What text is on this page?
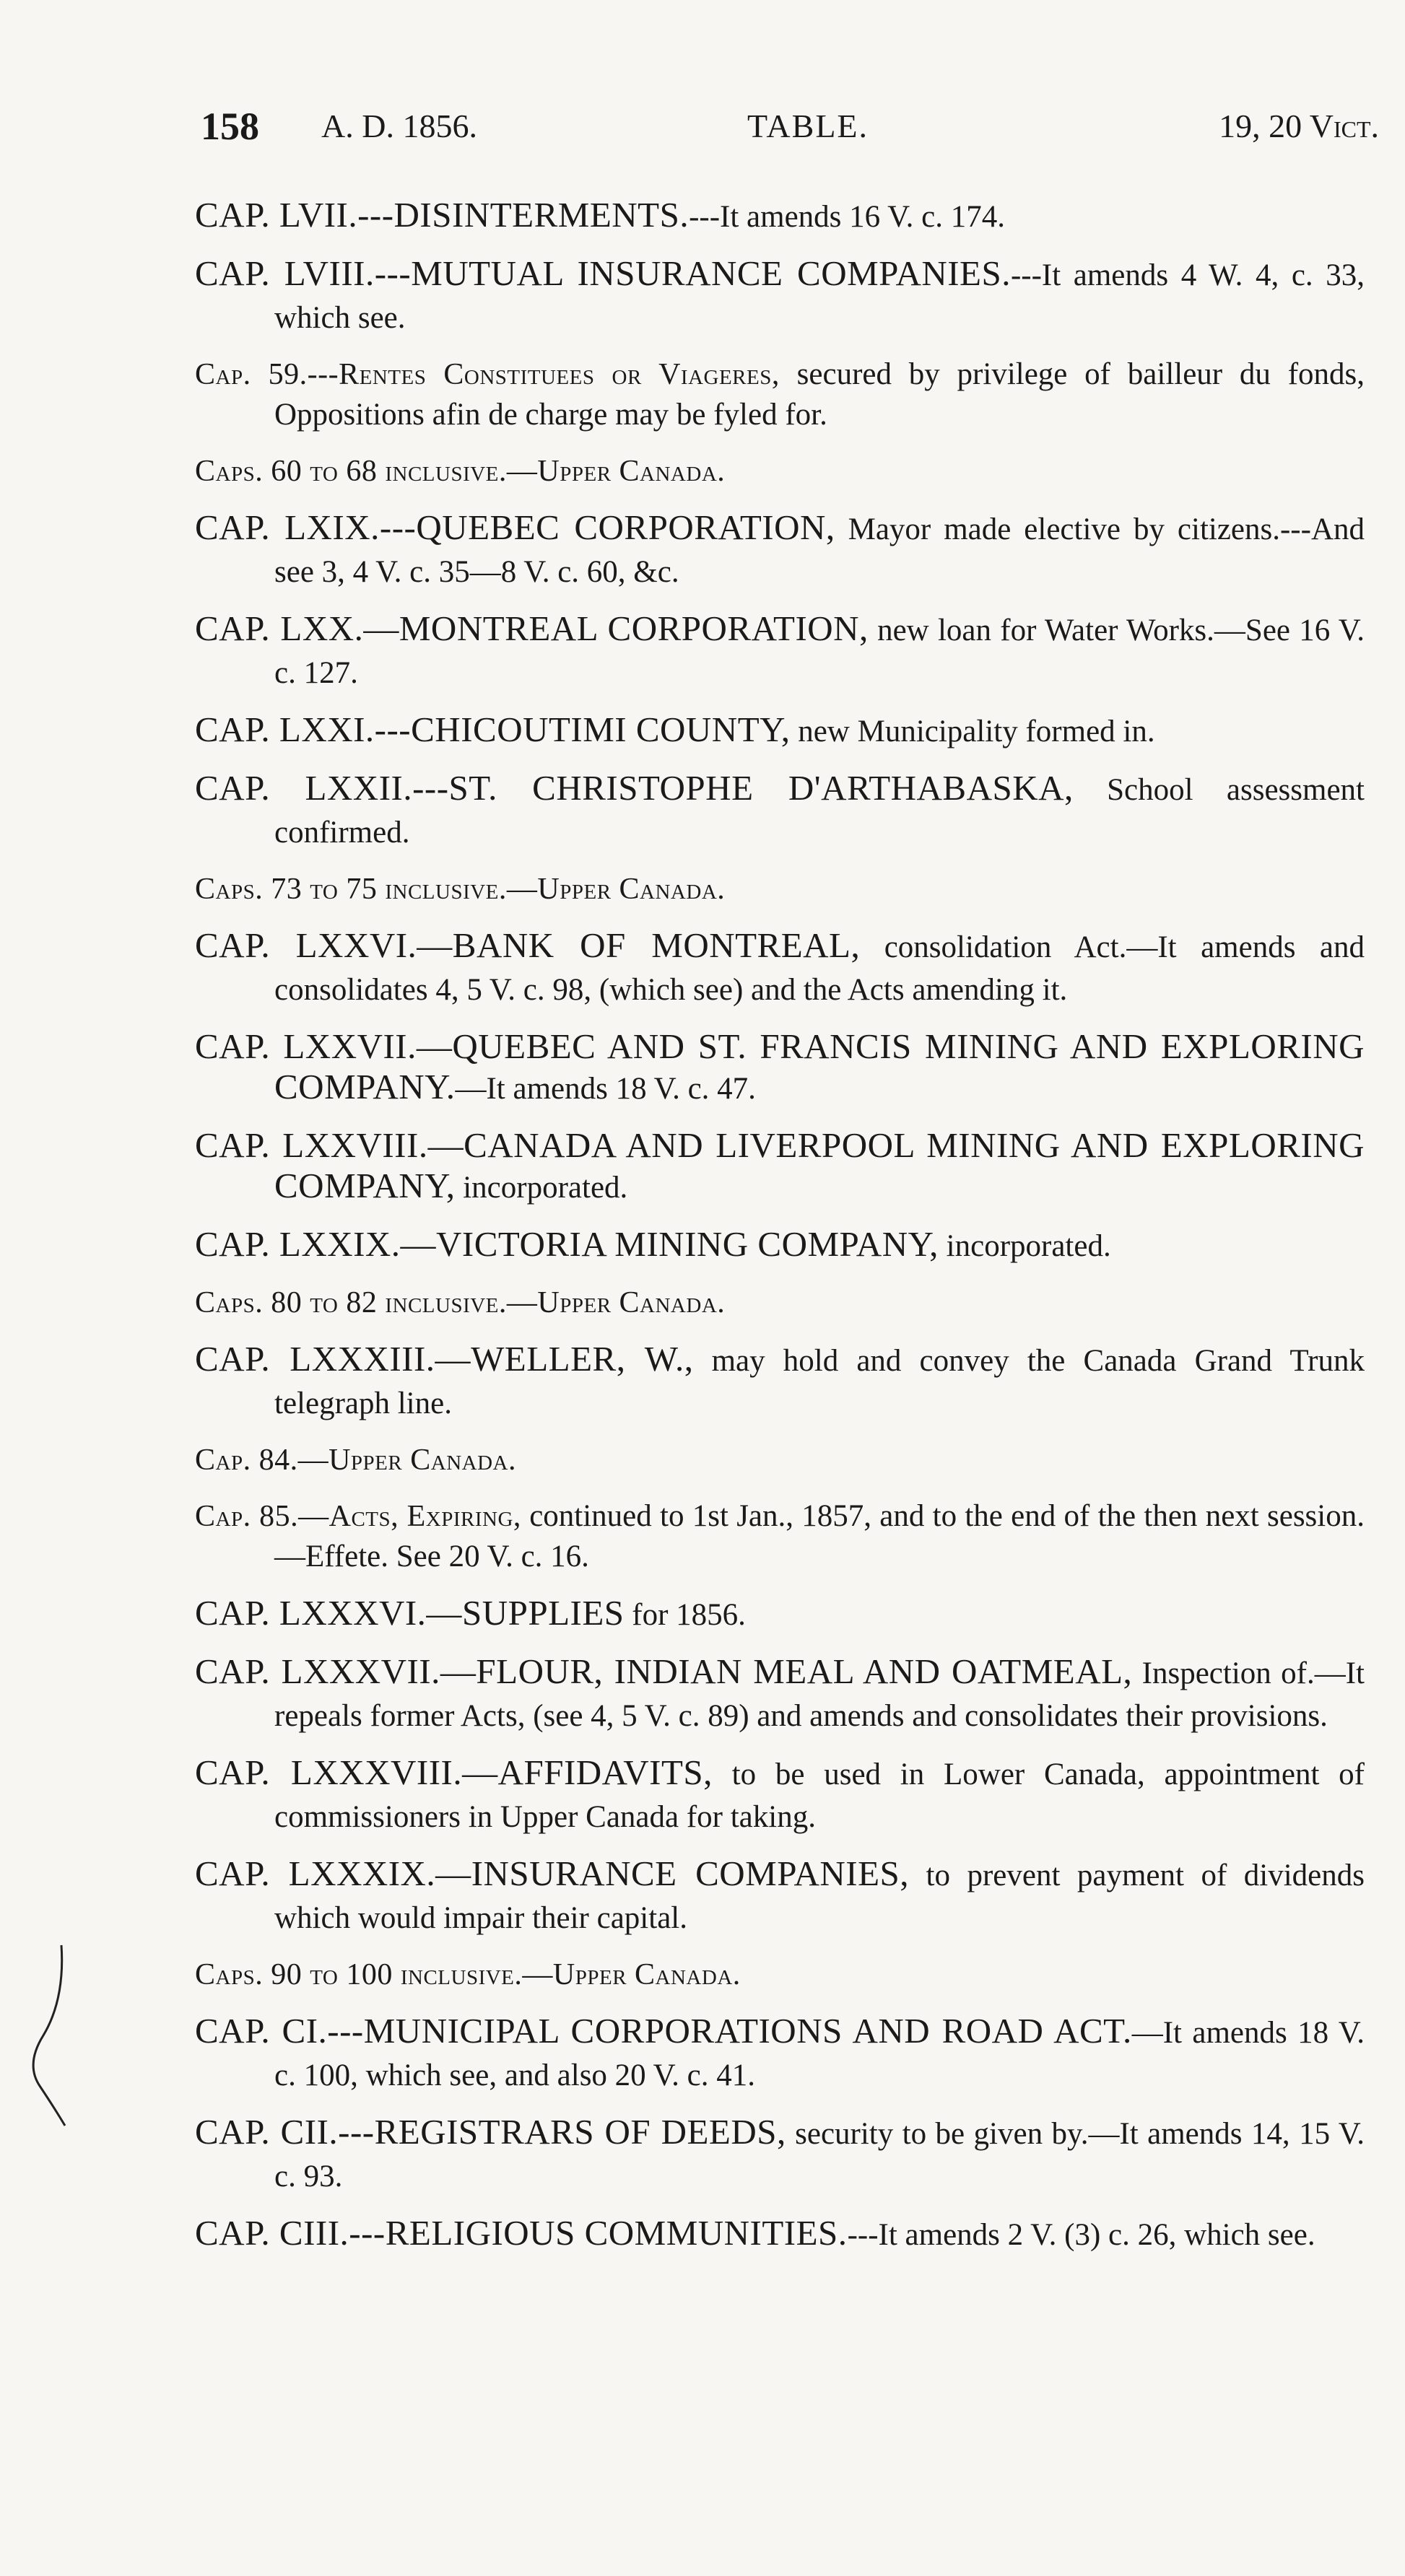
158 A. D. 1856.	TABLE.	19, 20 Vict.

CAP. LVII.---DISINTERMENTS.---It amends 16 V. c. 174.

CAP. LVIII.---MUTUAL INSURANCE COMPANIES.---It amends 4 W. 4, c. 33, which see.

Cap. 59.---Rentes Constituees or Viageres, secured by privilege of bailleur du fonds, Oppositions afin de charge may be fyled for.

Caps. 60 to 68 inclusive.—Upper Canada.

CAP. LXIX.---QUEBEC CORPORATION, Mayor made elective by citizens.---And see 3, 4 V. c. 35—8 V. c. 60, &c.

CAP. LXX.—MONTREAL CORPORATION, new loan for Water Works.—See 16 V. c. 127.

CAP. LXXI.---CHICOUTIMI COUNTY, new Municipality formed in.

CAP. LXXII.---ST. CHRISTOPHE D'ARTHABASKA, School assessment confirmed.

Caps. 73 to 75 inclusive.—Upper Canada.

CAP. LXXVI.—BANK OF MONTREAL, consolidation Act.—It amends and consolidates 4, 5 V. c. 98, (which see) and the Acts amending it.

CAP. LXXVII.—QUEBEC AND ST. FRANCIS MINING AND EXPLORING COMPANY.—It amends 18 V. c. 47.

CAP. LXXVIII.—CANADA AND LIVERPOOL MINING AND EXPLORING COMPANY, incorporated.

CAP. LXXIX.—VICTORIA MINING COMPANY, incorporated.

Caps. 80 to 82 inclusive.—Upper Canada.

CAP. LXXXIII.—WELLER, W., may hold and convey the Canada Grand Trunk telegraph line.

Cap. 84.—Upper Canada.

Cap. 85.—Acts, Expiring, continued to 1st Jan., 1857, and to the end of the then next session.—Effete. See 20 V. c. 16.

CAP. LXXXVI.—SUPPLIES for 1856.

CAP. LXXXVII.—FLOUR, INDIAN MEAL AND OATMEAL, Inspection of.—It repeals former Acts, (see 4, 5 V. c. 89) and amends and consolidates their provisions.

CAP. LXXXVIII.—AFFIDAVITS, to be used in Lower Canada, appointment of commissioners in Upper Canada for taking.

CAP. LXXXIX.—INSURANCE COMPANIES, to prevent payment of dividends which would impair their capital.

Caps. 90 to 100 inclusive.—Upper Canada.

CAP. CI.---MUNICIPAL CORPORATIONS AND ROAD ACT.—It amends 18 V. c. 100, which see, and also 20 V. c. 41.

CAP. CII.---REGISTRARS OF DEEDS, security to be given by.—It amends 14, 15 V. c. 93.

CAP. CIII.---RELIGIOUS COMMUNITIES.---It amends 2 V. (3) c. 26, which see.
